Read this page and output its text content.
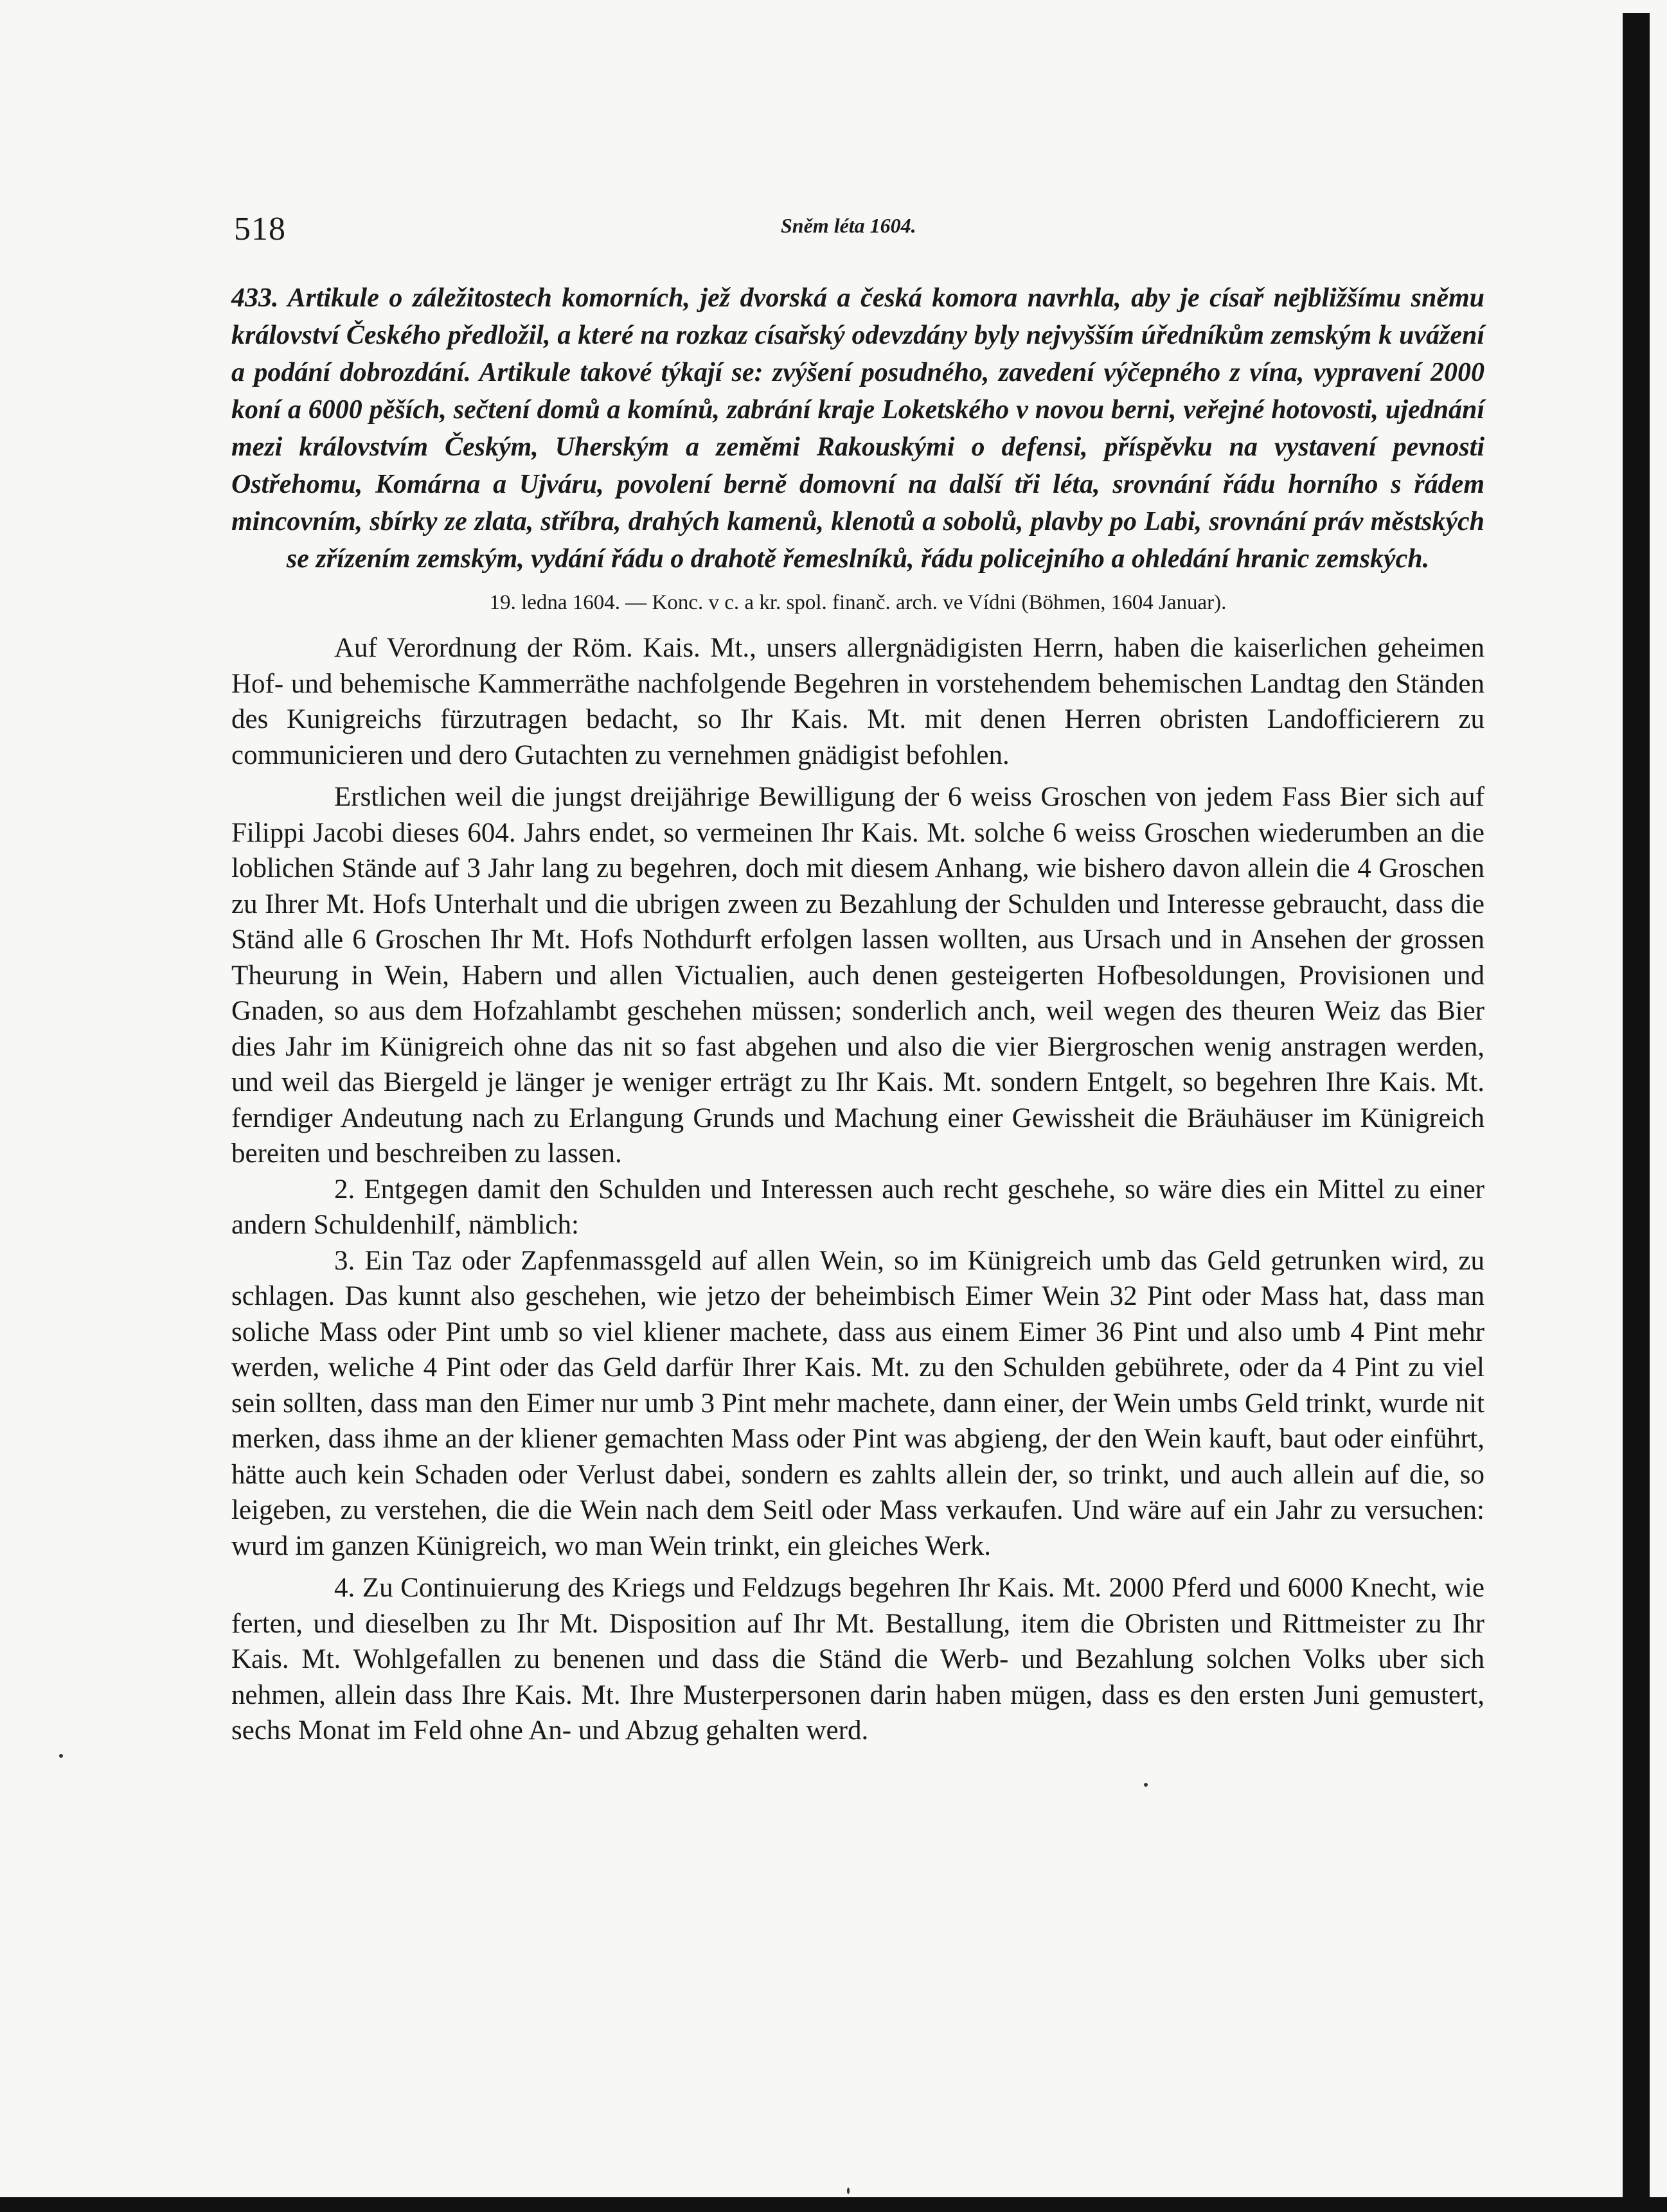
518	Sněm léta 1604.
433. Artikule o záležitostech komorních, jež dvorská a česká komora navrhla, aby je císař nejbližšímu sněmu království Českého předložil, a které na rozkaz císařský odevzdány byly nejvyšším úředníkům zemským k uvážení a podání dobrozdání. Artikule takové týkají se: zvýšení posudného, zavedení výčepného z vína, vypravení 2000 koní a 6000 pěších, sečtení domů a komínů, zabrání kraje Loketského v novou berni, veřejné hotovosti, ujednání mezi královstvím Českým, Uherským a zeměmi Rakouskými o defensi, příspěvku na vystavení pevnosti Ostřehomu, Komárna a Ujváru, povolení berně domovní na další tři léta, srovnání řádu horního s řádem mincovním, sbírky ze zlata, stříbra, drahých kamenů, klenotů a sobolů, plavby po Labi, srovnání práv městských se zřízením zemským, vydání řádu o drahotě řemeslníků, řádu policejního a ohledání hranic zemských.
19. ledna 1604. — Konc. v c. a kr. spol. finanč. arch. ve Vídni (Böhmen, 1604 Januar).

Auf Verordnung der Röm. Kais. Mt., unsers allergnädigisten Herrn, haben die kaiserlichen geheimen Hof- und behemische Kammerräthe nachfolgende Begehren in vorstehendem behemischen Landtag den Ständen des Kunigreichs fürzutragen bedacht, so Ihr Kais. Mt. mit denen Herren obristen Landofficierern zu communicieren und dero Gutachten zu vernehmen gnädigist befohlen.

Erstlichen weil die jungst dreijährige Bewilligung der 6 weiss Groschen von jedem Fass Bier sich auf Filippi Jacobi dieses 604. Jahrs endet, so vermeinen Ihr Kais. Mt. solche 6 weiss Groschen wiederumben an die loblichen Stände auf 3 Jahr lang zu begehren, doch mit diesem Anhang, wie bishero davon allein die 4 Groschen zu Ihrer Mt. Hofs Unterhalt und die ubrigen zween zu Bezahlung der Schulden und Interesse gebraucht, dass die Ständ alle 6 Groschen Ihr Mt. Hofs Nothdurft erfolgen lassen wollten, aus Ursach und in Ansehen der grossen Theurung in Wein, Habern und allen Victualien, auch denen gesteigerten Hofbesoldungen, Provisionen und Gnaden, so aus dem Hofzahlambt geschehen müssen; sonderlich anch, weil wegen des theuren Weiz das Bier dies Jahr im Künigreich ohne das nit so fast abgehen und also die vier Biergroschen wenig anstragen werden, und weil das Biergeld je länger je weniger erträgt zu Ihr Kais. Mt. sondern Entgelt, so begehren Ihre Kais. Mt. ferndiger Andeutung nach zu Erlangung Grunds und Machung einer Gewissheit die Bräuhäuser im Künigreich bereiten und beschreiben zu lassen.

2. Entgegen damit den Schulden und Interessen auch recht geschehe, so wäre dies ein Mittel zu einer andern Schuldenhilf, nämblich:

3. Ein Taz oder Zapfenmassgeld auf allen Wein, so im Künigreich umb das Geld getrunken wird, zu schlagen. Das kunnt also geschehen, wie jetzo der beheimbisch Eimer Wein 32 Pint oder Mass hat, dass man soliche Mass oder Pint umb so viel kliener machete, dass aus einem Eimer 36 Pint und also umb 4 Pint mehr werden, weliche 4 Pint oder das Geld darfür Ihrer Kais. Mt. zu den Schulden gebührete, oder da 4 Pint zu viel sein sollten, dass man den Eimer nur umb 3 Pint mehr machete, dann einer, der Wein umbs Geld trinkt, wurde nit merken, dass ihme an der kliener gemachten Mass oder Pint was abgieng, der den Wein kauft, baut oder einführt, hätte auch kein Schaden oder Verlust dabei, sondern es zahlts allein der, so trinkt, und auch allein auf die, so leigeben, zu verstehen, die die Wein nach dem Seitl oder Mass verkaufen. Und wäre auf ein Jahr zu versuchen: wurd im ganzen Künigreich, wo man Wein trinkt, ein gleiches Werk.

4. Zu Continuierung des Kriegs und Feldzugs begehren Ihr Kais. Mt. 2000 Pferd und 6000 Knecht, wie ferten, und dieselben zu Ihr Mt. Disposition auf Ihr Mt. Bestallung, item die Obristen und Rittmeister zu Ihr Kais. Mt. Wohlgefallen zu benenen und dass die Ständ die Werb- und Bezahlung solchen Volks uber sich nehmen, allein dass Ihre Kais. Mt. Ihre Musterpersonen darin haben mügen, dass es den ersten Juni gemustert, sechs Monat im Feld ohne An- und Abzug gehalten werd.
